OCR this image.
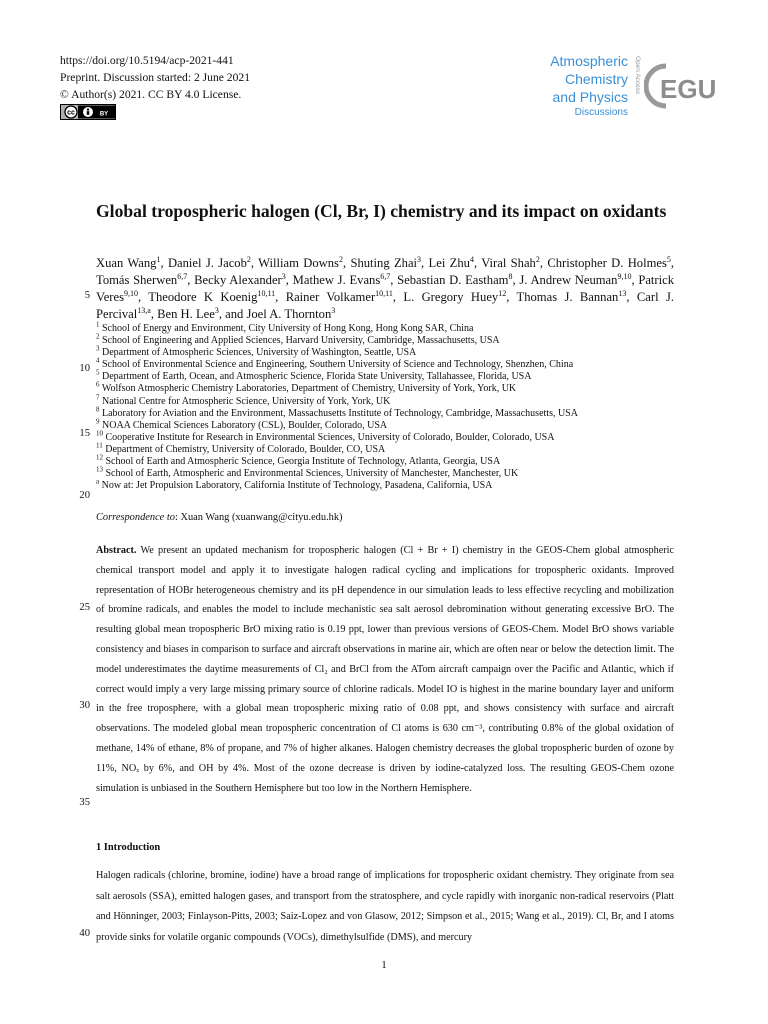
https://doi.org/10.5194/acp-2021-441
Preprint. Discussion started: 2 June 2021
© Author(s) 2021. CC BY 4.0 License.
cc	BY
Atmospheric
Chemistry
and Physics
Discussions
Open Access EGU
Global tropospheric halogen (Cl, Br, I) chemistry and its impact on oxidants
Xuan Wang$^1$, Daniel J. Jacob$^2$, William Downs$^2$, Shuting Zhai$^3$, Lei Zhu$^4$, Viral Shah$^2$, Christopher D. Holmes$^5$, Tomás Sherwen$^{6,7}$, Becky Alexander$^3$, Mathew J. Evans$^{6,7}$, Sebastian D. Eastham$^8$, J. Andrew Neuman$^{9,10}$, Patrick Veres$^{9,10}$, Theodore K Koenig$^{10,11}$, Rainer Volkamer$^{10,11}$, L. Gregory Huey$^{12}$, Thomas J. Bannan$^{13}$, Carl J. Percival$^{13,a}$, Ben H. Lee$^3$, and Joel A. Thornton$^3$
$^1$ School of Energy and Environment, City University of Hong Kong, Hong Kong SAR, China
$^2$ School of Engineering and Applied Sciences, Harvard University, Cambridge, Massachusetts, USA
$^3$ Department of Atmospheric Sciences, University of Washington, Seattle, USA
$^4$ School of Environmental Science and Engineering, Southern University of Science and Technology, Shenzhen, China
$^5$ Department of Earth, Ocean, and Atmospheric Science, Florida State University, Tallahassee, Florida, USA
$^6$ Wolfson Atmospheric Chemistry Laboratories, Department of Chemistry, University of York, York, UK
$^7$ National Centre for Atmospheric Science, University of York, York, UK
$^8$ Laboratory for Aviation and the Environment, Massachusetts Institute of Technology, Cambridge, Massachusetts, USA
$^9$ NOAA Chemical Sciences Laboratory (CSL), Boulder, Colorado, USA
$^{10}$ Cooperative Institute for Research in Environmental Sciences, University of Colorado, Boulder, Colorado, USA
$^{11}$ Department of Chemistry, University of Colorado, Boulder, CO, USA
$^{12}$ School of Earth and Atmospheric Science, Georgia Institute of Technology, Atlanta, Georgia, USA
$^{13}$ School of Earth, Atmospheric and Environmental Sciences, University of Manchester, Manchester, UK
$^a$ Now at: Jet Propulsion Laboratory, California Institute of Technology, Pasadena, California, USA
Correspondence to: Xuan Wang (xuanwang@cityu.edu.hk)
Abstract. We present an updated mechanism for tropospheric halogen (Cl + Br + I) chemistry in the GEOS-Chem global atmospheric chemical transport model and apply it to investigate halogen radical cycling and implications for tropospheric oxidants. Improved representation of HOBr heterogeneous chemistry and its pH dependence in our simulation leads to less effective recycling and mobilization of bromine radicals, and enables the model to include mechanistic sea salt aerosol debromination without generating excessive BrO. The resulting global mean tropospheric BrO mixing ratio is 0.19 ppt, lower than previous versions of GEOS-Chem. Model BrO shows variable consistency and biases in comparison to surface and aircraft observations in marine air, which are often near or below the detection limit. The model underestimates the daytime measurements of Cl₂ and BrCl from the ATom aircraft campaign over the Pacific and Atlantic, which if correct would imply a very large missing primary source of chlorine radicals. Model IO is highest in the marine boundary layer and uniform in the free troposphere, with a global mean tropospheric mixing ratio of 0.08 ppt, and shows consistency with surface and aircraft observations. The modeled global mean tropospheric concentration of Cl atoms is 630 cm⁻³, contributing 0.8% of the global oxidation of methane, 14% of ethane, 8% of propane, and 7% of higher alkanes. Halogen chemistry decreases the global tropospheric burden of ozone by 11%, NOₓ by 6%, and OH by 4%. Most of the ozone decrease is driven by iodine-catalyzed loss. The resulting GEOS-Chem ozone simulation is unbiased in the Southern Hemisphere but too low in the Northern Hemisphere.
1 Introduction
Halogen radicals (chlorine, bromine, iodine) have a broad range of implications for tropospheric oxidant chemistry. They originate from sea salt aerosols (SSA), emitted halogen gases, and transport from the stratosphere, and cycle rapidly with inorganic non-radical reservoirs (Platt and Hönninger, 2003; Finlayson-Pitts, 2003; Saiz-Lopez and von Glasow, 2012; Simpson et al., 2015; Wang et al., 2019). Cl, Br, and I atoms provide sinks for volatile organic compounds (VOCs), dimethylsulfide (DMS), and mercury
5
10
15
20
25
30
35
40
1
